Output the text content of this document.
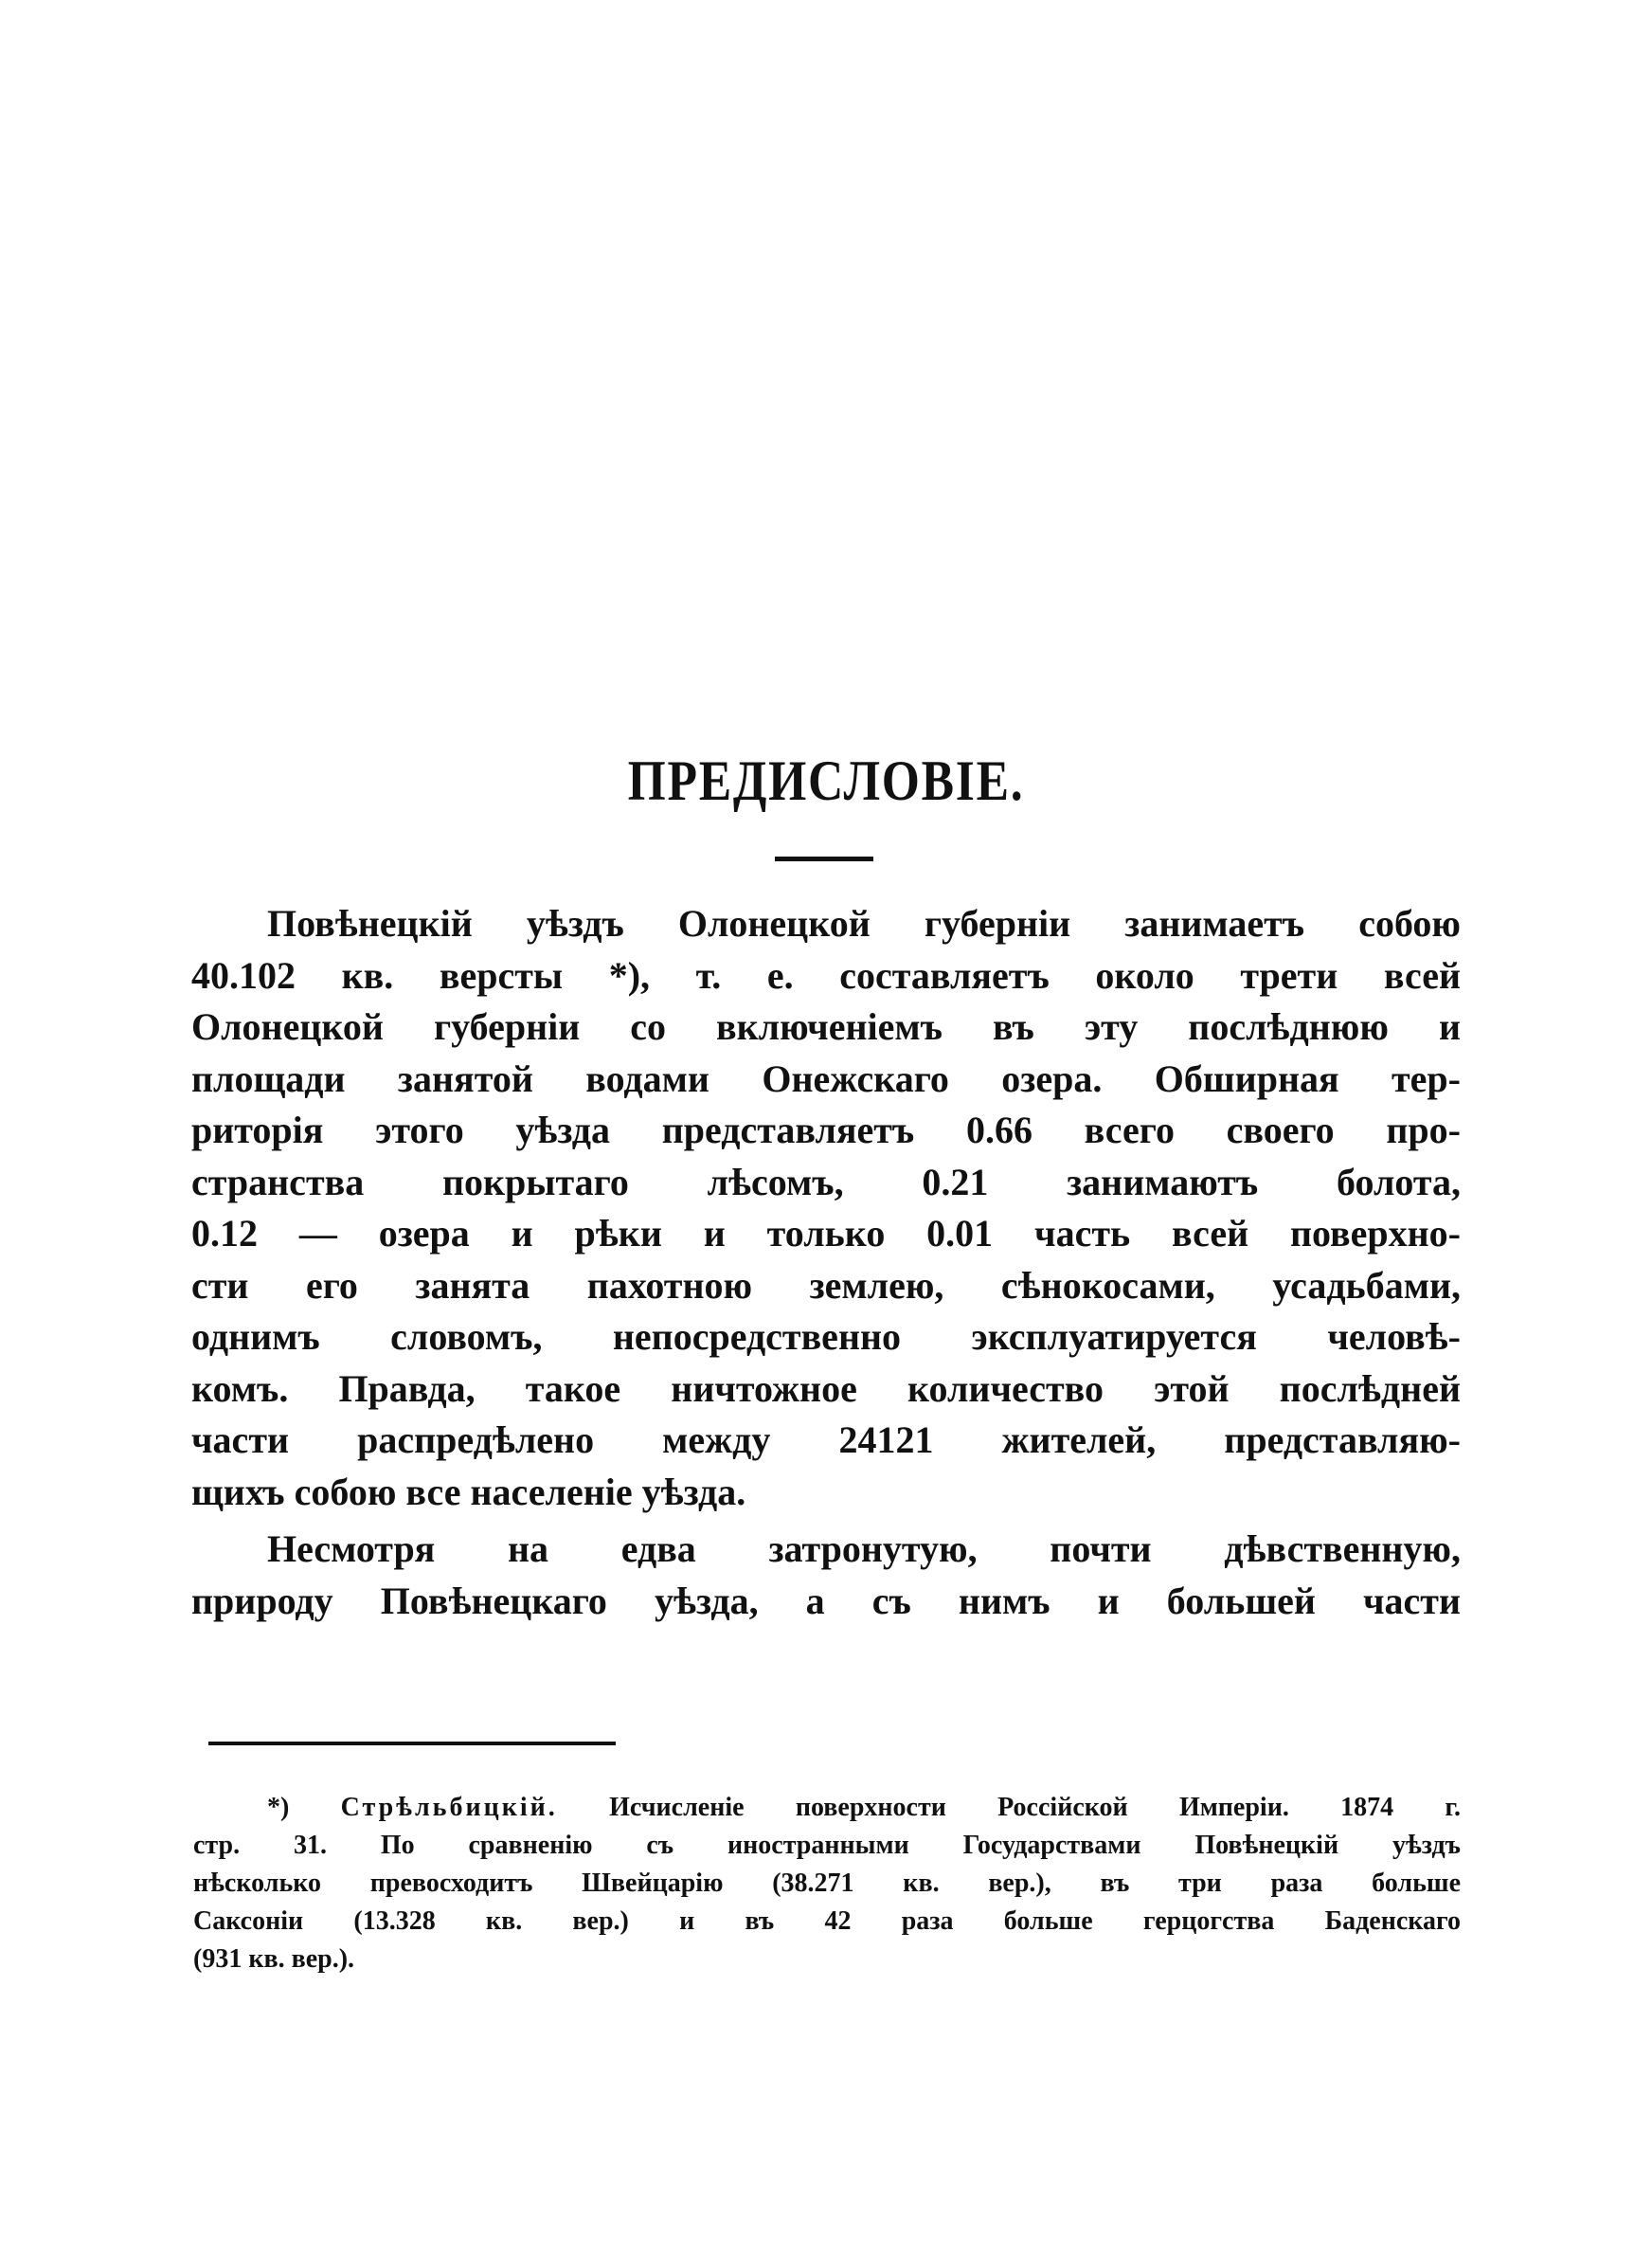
ПРЕДИСЛОВІЕ.
Повѣнецкій уѣздъ Олонецкой губерніи занимаетъ собою
40.102 кв. версты *), т. е. составляетъ около трети всей
Олонецкой губерніи со включеніемъ въ эту послѣднюю и
площади занятой водами Онежскаго озера. Обширная тер-
риторія этого уѣзда представляетъ 0.66 всего своего про-
странства покрытаго лѣсомъ, 0.21 занимаютъ болота,
0.12 — озера и рѣки и только 0.01 часть всей поверхно-
сти его занята пахотною землею, сѣнокосами, усадьбами,
однимъ словомъ, непосредственно эксплуатируется человѣ-
комъ. Правда, такое ничтожное количество этой послѣдней
части распредѣлено между 24121 жителей, представляю-
щихъ собою все населеніе уѣзда.
Несмотря на едва затронутую, почти дѣвственную,
природу Повѣнецкаго уѣзда, а съ нимъ и большей части
*) Стрѣльбицкій. Исчисленіе поверхности Россійской Имперіи. 1874 г.
стр. 31. По сравненію съ иностранными Государствами Повѣнецкій уѣздъ
нѣсколько превосходитъ Швейцарію (38.271 кв. вер.), въ три раза больше
Саксоніи (13.328 кв. вер.) и въ 42 раза больше герцогства Баденскаго
(931 кв. вер.).
